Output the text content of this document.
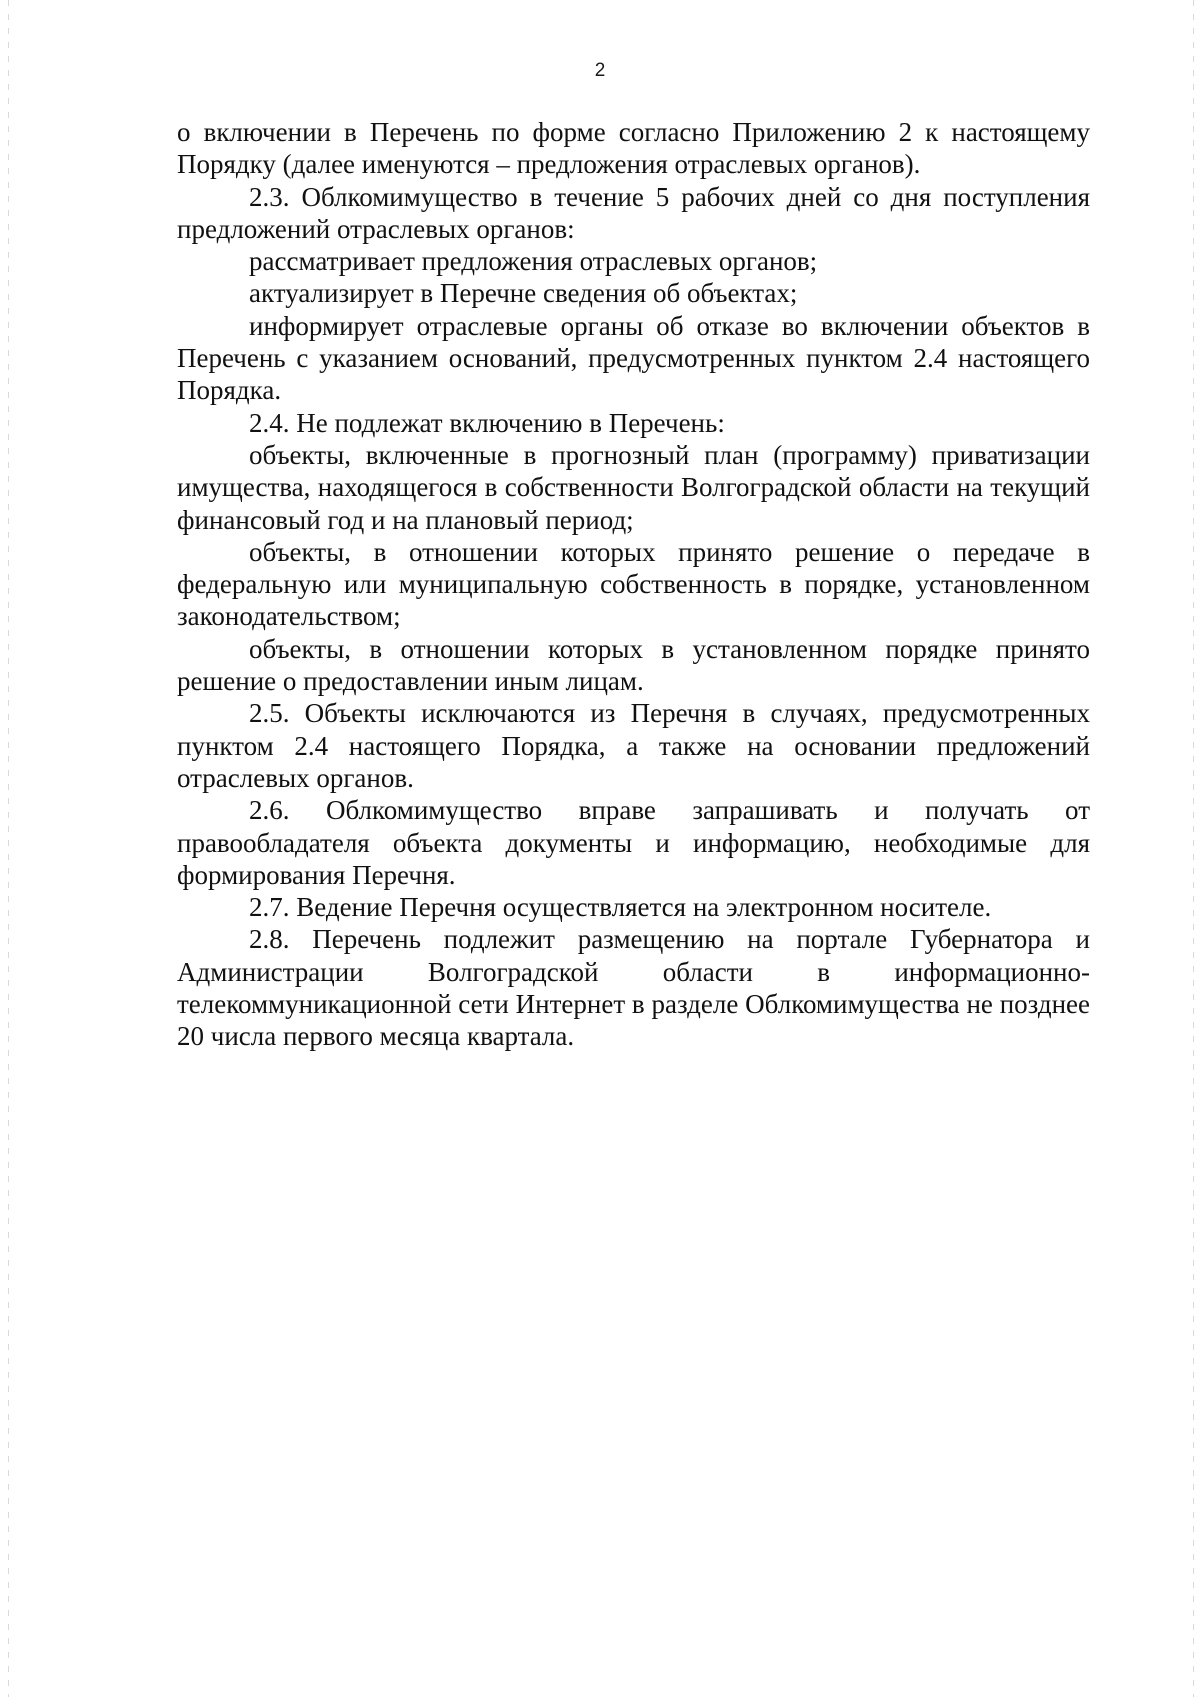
2

о включении в Перечень по форме согласно Приложению 2 к настоящему Порядку (далее именуются – предложения отраслевых органов).

2.3. Облкомимущество в течение 5 рабочих дней со дня поступления предложений отраслевых органов:

рассматривает предложения отраслевых органов;

актуализирует в Перечне сведения об объектах;

информирует отраслевые органы об отказе во включении объектов в Перечень с указанием оснований, предусмотренных пунктом 2.4 настоящего Порядка.

2.4. Не подлежат включению в Перечень:

объекты, включенные в прогнозный план (программу) приватизации имущества, находящегося в собственности Волгоградской области на текущий финансовый год и на плановый период;

объекты, в отношении которых принято решение о передаче в федеральную или муниципальную собственность в порядке, установленном законодательством;

объекты, в отношении которых в установленном порядке принято решение о предоставлении иным лицам.

2.5. Объекты исключаются из Перечня в случаях, предусмотренных пунктом 2.4 настоящего Порядка, а также на основании предложений отраслевых органов.

2.6. Облкомимущество вправе запрашивать и получать от правообладателя объекта документы и информацию, необходимые для формирования Перечня.

2.7. Ведение Перечня осуществляется на электронном носителе.

2.8. Перечень подлежит размещению на портале Губернатора и Администрации Волгоградской области в информационно-телекоммуникационной сети Интернет в разделе Облкомимущества не позднее 20 числа первого месяца квартала.
